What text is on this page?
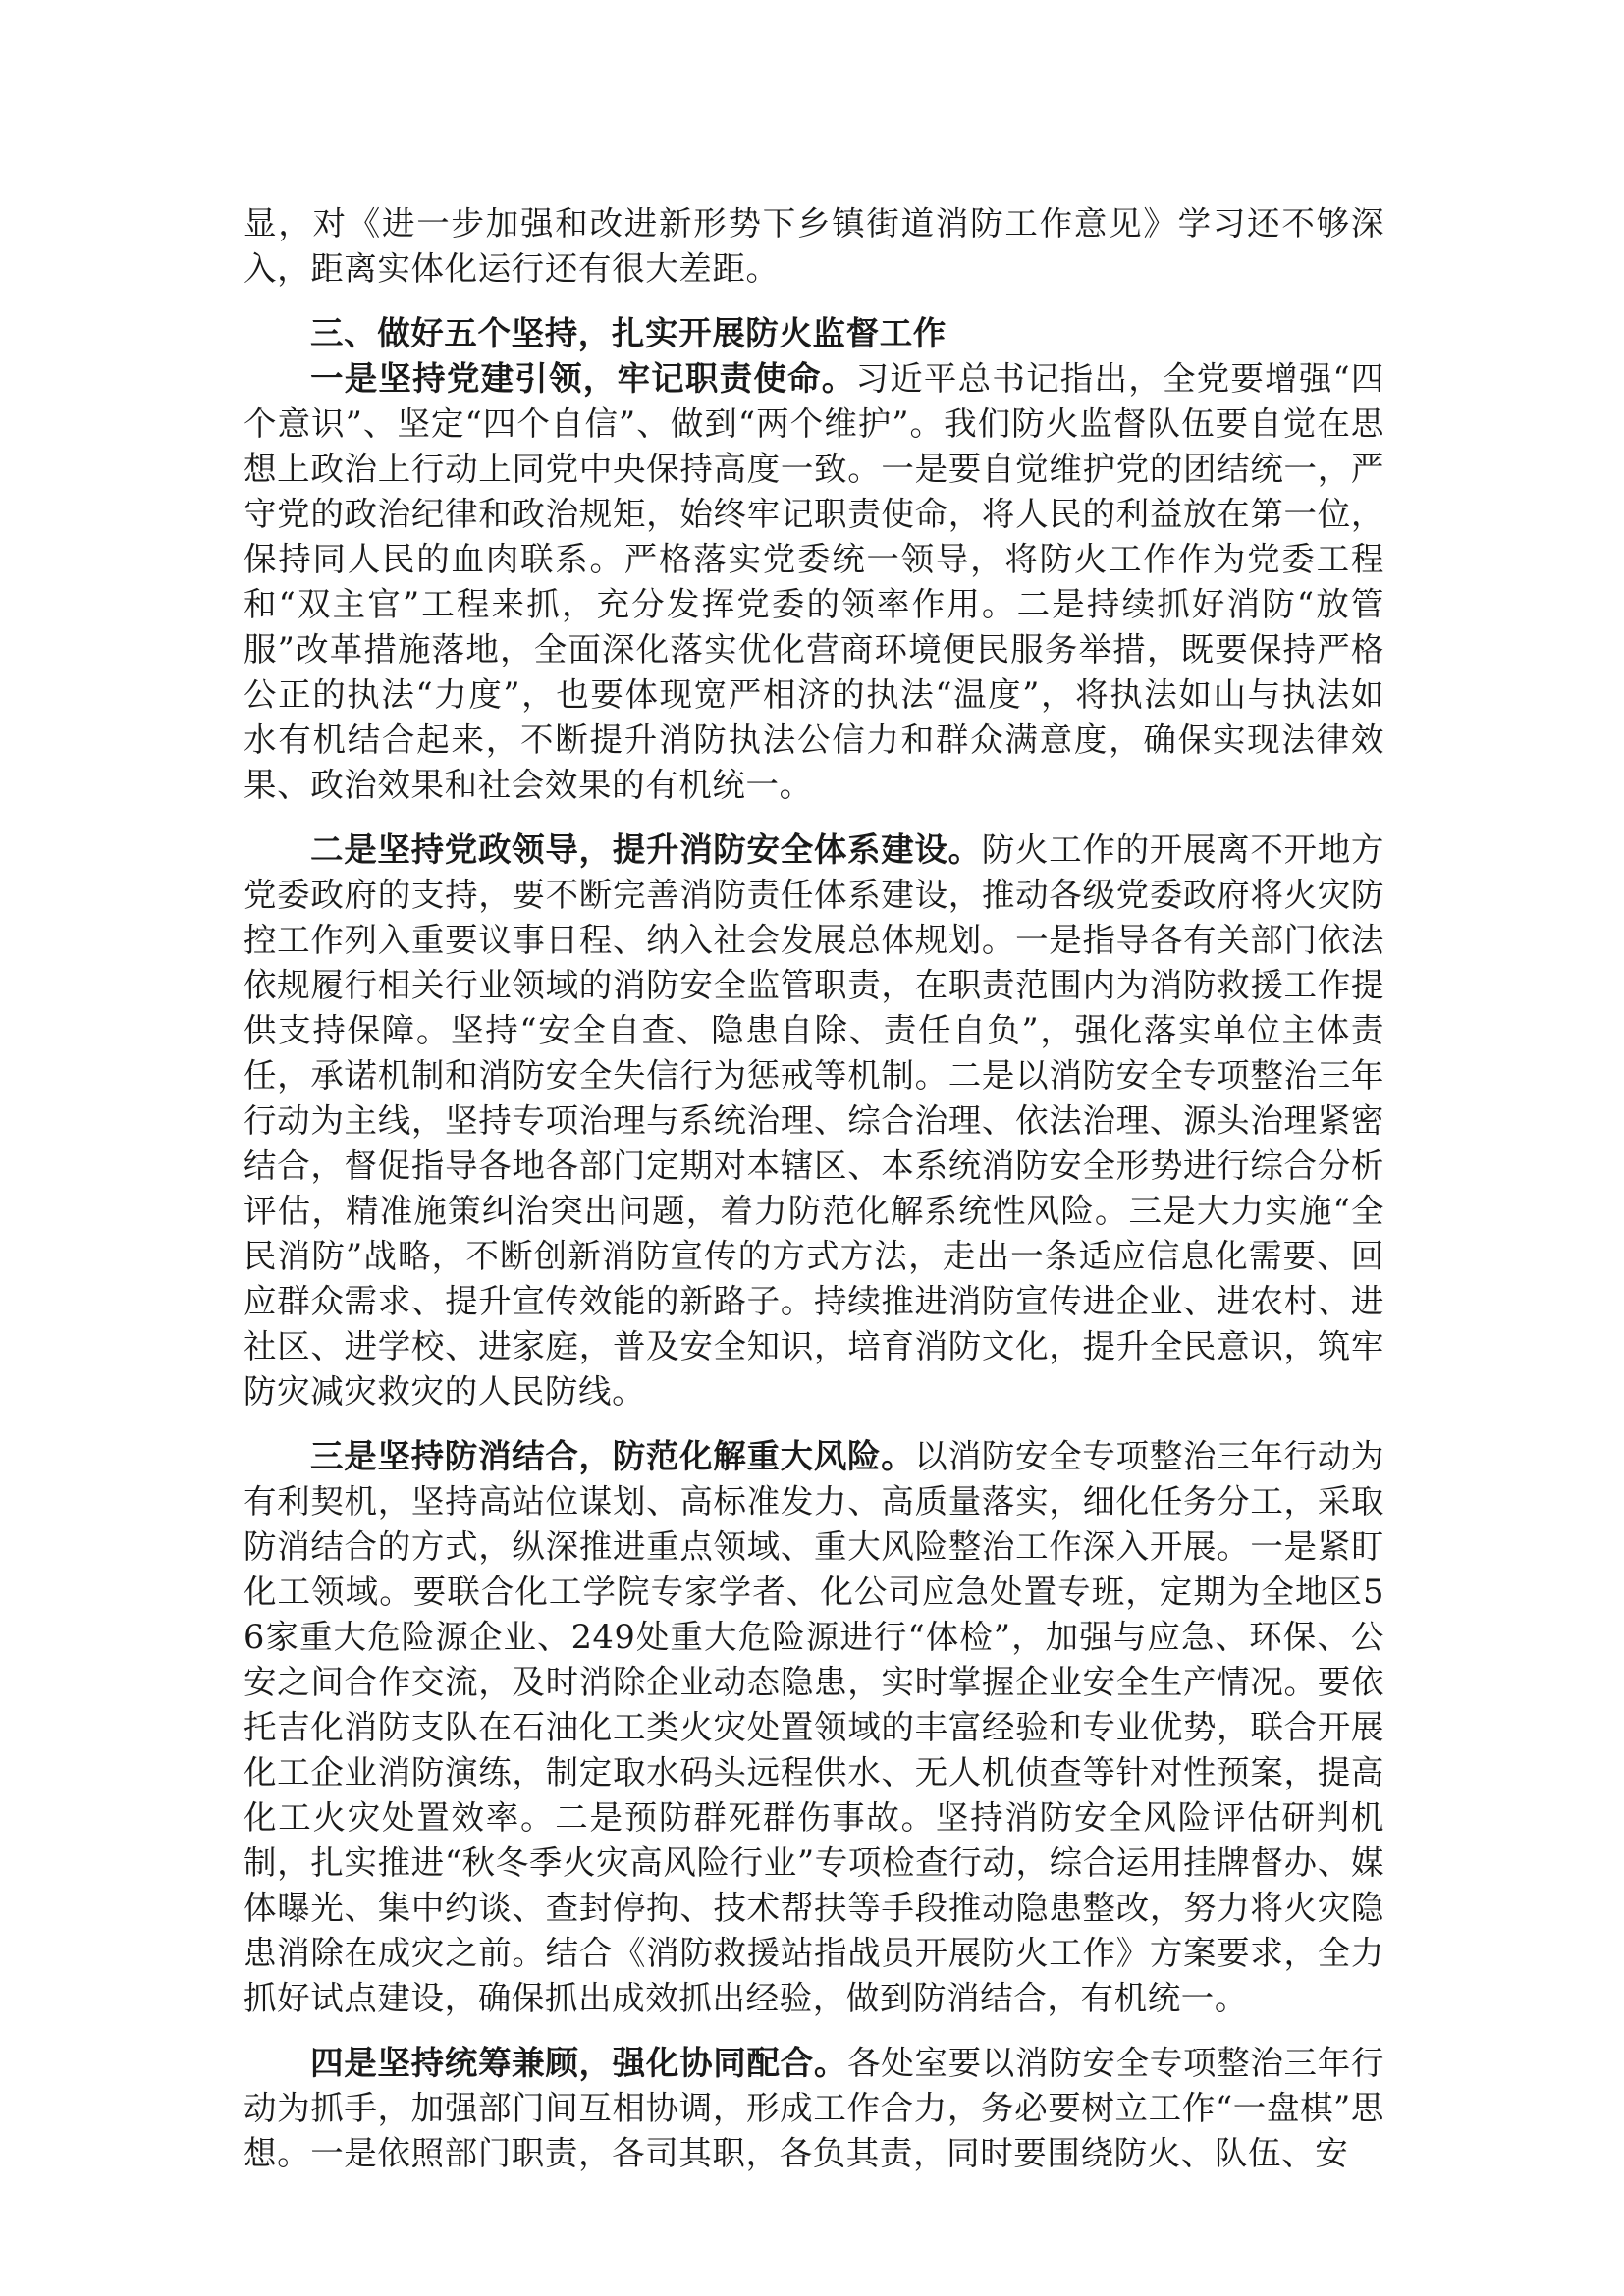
显，对《进一步加强和改进新形势下乡镇街道消防工作意见》学习还不够深入，距离实体化运行还有很大差距。

三、做好五个坚持，扎实开展防火监督工作

一是坚持党建引领，牢记职责使命。习近平总书记指出，全党要增强“四个意识”、坚定“四个自信”、做到“两个维护”。我们防火监督队伍要自觉在思想上政治上行动上同党中央保持高度一致。一是要自觉维护党的团结统一，严守党的政治纪律和政治规矩，始终牢记职责使命，将人民的利益放在第一位，保持同人民的血肉联系。严格落实党委统一领导，将防火工作作为党委工程和“双主官”工程来抓，充分发挥党委的领率作用。二是持续抓好消防“放管服”改革措施落地，全面深化落实优化营商环境便民服务举措，既要保持严格公正的执法“力度”，也要体现宽严相济的执法“温度”，将执法如山与执法如水有机结合起来，不断提升消防执法公信力和群众满意度，确保实现法律效果、政治效果和社会效果的有机统一。

二是坚持党政领导，提升消防安全体系建设。防火工作的开展离不开地方党委政府的支持，要不断完善消防责任体系建设，推动各级党委政府将火灾防控工作列入重要议事日程、纳入社会发展总体规划。一是指导各有关部门依法依规履行相关行业领域的消防安全监管职责，在职责范围内为消防救援工作提供支持保障。坚持“安全自查、隐患自除、责任自负”，强化落实单位主体责任，承诺机制和消防安全失信行为惩戒等机制。二是以消防安全专项整治三年行动为主线，坚持专项治理与系统治理、综合治理、依法治理、源头治理紧密结合，督促指导各地各部门定期对本辖区、本系统消防安全形势进行综合分析评估，精准施策纠治突出问题，着力防范化解系统性风险。三是大力实施“全民消防”战略，不断创新消防宣传的方式方法，走出一条适应信息化需要、回应群众需求、提升宣传效能的新路子。持续推进消防宣传进企业、进农村、进社区、进学校、进家庭，普及安全知识，培育消防文化，提升全民意识，筑牢防灾减灾救灾的人民防线。

三是坚持防消结合，防范化解重大风险。以消防安全专项整治三年行动为有利契机，坚持高站位谋划、高标准发力、高质量落实，细化任务分工，采取防消结合的方式，纵深推进重点领域、重大风险整治工作深入开展。一是紧盯化工领域。要联合化工学院专家学者、化公司应急处置专班，定期为全地区56家重大危险源企业、249处重大危险源进行“体检”，加强与应急、环保、公安之间合作交流，及时消除企业动态隐患，实时掌握企业安全生产情况。要依托吉化消防支队在石油化工类火灾处置领域的丰富经验和专业优势，联合开展化工企业消防演练，制定取水码头远程供水、无人机侦查等针对性预案，提高化工火灾处置效率。二是预防群死群伤事故。坚持消防安全风险评估研判机制，扎实推进“秋冬季火灾高风险行业”专项检查行动，综合运用挂牌督办、媒体曝光、集中约谈、查封停拘、技术帮扶等手段推动隐患整改，努力将火灾隐患消除在成灾之前。结合《消防救援站指战员开展防火工作》方案要求，全力抓好试点建设，确保抓出成效抓出经验，做到防消结合，有机统一。

四是坚持统筹兼顾，强化协同配合。各处室要以消防安全专项整治三年行动为抓手，加强部门间互相协调，形成工作合力，务必要树立工作“一盘棋”思想。一是依照部门职责，各司其职，各负其责，同时要围绕防火、队伍、安
